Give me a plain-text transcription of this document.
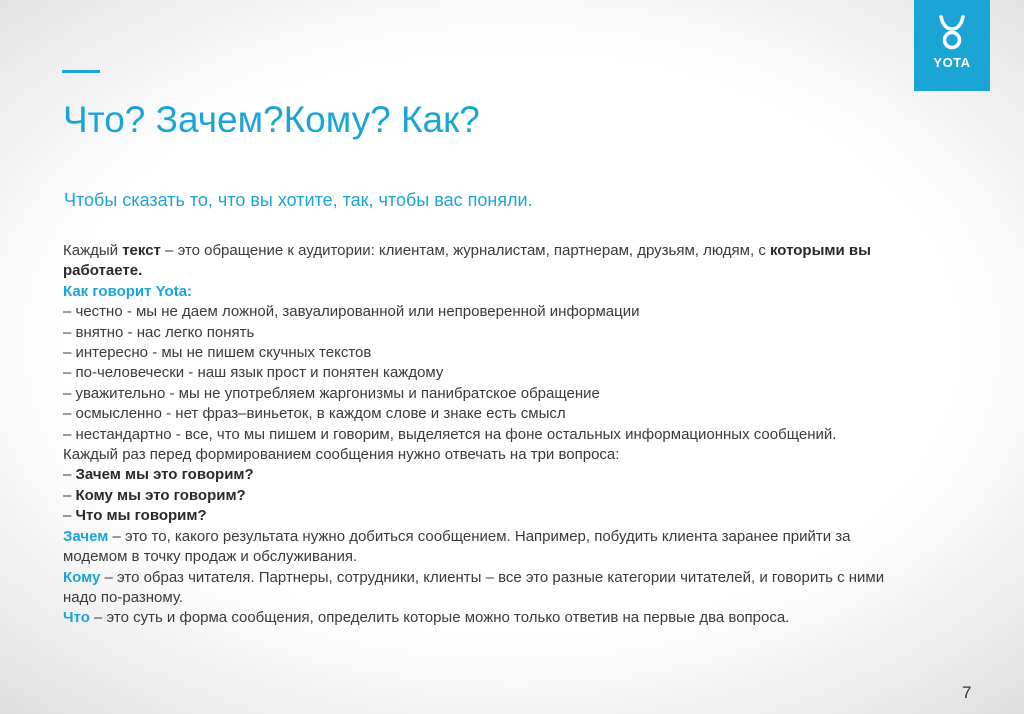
YOTA
Что? Зачем?Кому? Как?

Чтобы сказать то, что вы хотите, так, чтобы вас поняли.

Каждый текст – это обращение к аудитории: клиентам, журналистам, партнерам, друзьям, людям, с которыми вы работаете.

Как говорит Yota:

– честно - мы не даем ложной, завуалированной или непроверенной информации

– внятно - нас легко понять

– интересно - мы не пишем скучных текстов

– по-человечески - наш язык прост и понятен каждому

– уважительно - мы не употребляем жаргонизмы и панибратское обращение

– осмысленно - нет фраз–виньеток, в каждом слове и знаке есть смысл

– нестандартно - все, что мы пишем и говорим, выделяется на фоне остальных информационных сообщений.

Каждый раз перед формированием сообщения нужно отвечать на три вопроса:

– Зачем мы это говорим?

– Кому мы это говорим?

– Что мы говорим?

Зачем – это то, какого результата нужно добиться сообщением. Например, побудить клиента заранее прийти за модемом в точку продаж и обслуживания.

Кому – это образ читателя. Партнеры, сотрудники, клиенты – все это разные категории читателей, и говорить с ними надо по-разному.

Что – это суть и форма сообщения, определить которые можно только ответив на первые два вопроса.

7
